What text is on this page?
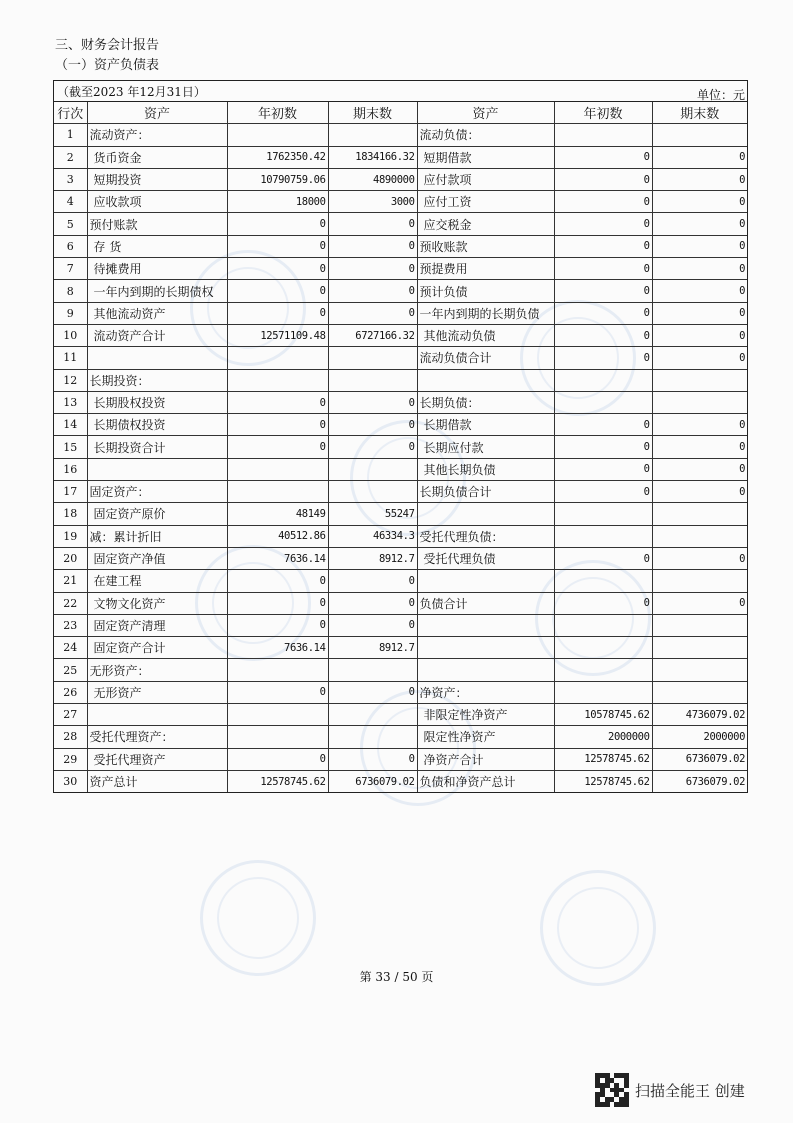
三、财务会计报告
（一）资产负债表
（截至2023 年12月31日）	单位：元
行次	资产	年初数	期末数	资产	年初数	期末数
1	流动资产：			流动负债：		
2	货币资金	1762350.42	1834166.32	短期借款	0	0
3	短期投资	10790759.06	4890000	应付款项	0	0
4	应收款项	18000	3000	应付工资	0	0
5	预付账款	0	0	应交税金	0	0
6	存 货	0	0	预收账款	0	0
7	待摊费用	0	0	预提费用	0	0
8	一年内到期的长期债权	0	0	预计负债	0	0
9	其他流动资产	0	0	一年内到期的长期负债	0	0
10	流动资产合计	12571109.48	6727166.32	其他流动负债	0	0
11				流动负债合计	0	0
12	长期投资：					
13	长期股权投资	0	0	长期负债：		
14	长期债权投资	0	0	长期借款	0	0
15	长期投资合计	0	0	长期应付款	0	0
16				其他长期负债	0	0
17	固定资产：			长期负债合计	0	0
18	固定资产原价	48149	55247			
19	减：累计折旧	40512.86	46334.3	受托代理负债：		
20	固定资产净值	7636.14	8912.7	受托代理负债	0	0
21	在建工程	0	0			
22	文物文化资产	0	0	负债合计	0	0
23	固定资产清理	0	0			
24	固定资产合计	7636.14	8912.7			
25	无形资产：					
26	无形资产	0	0	净资产：		
27				非限定性净资产	10578745.62	4736079.02
28	受托代理资产：			限定性净资产	2000000	2000000
29	受托代理资产	0	0	净资产合计	12578745.62	6736079.02
30	资产总计	12578745.62	6736079.02	负债和净资产总计	12578745.62	6736079.02
第 33 / 50 页
扫描全能王 创建
